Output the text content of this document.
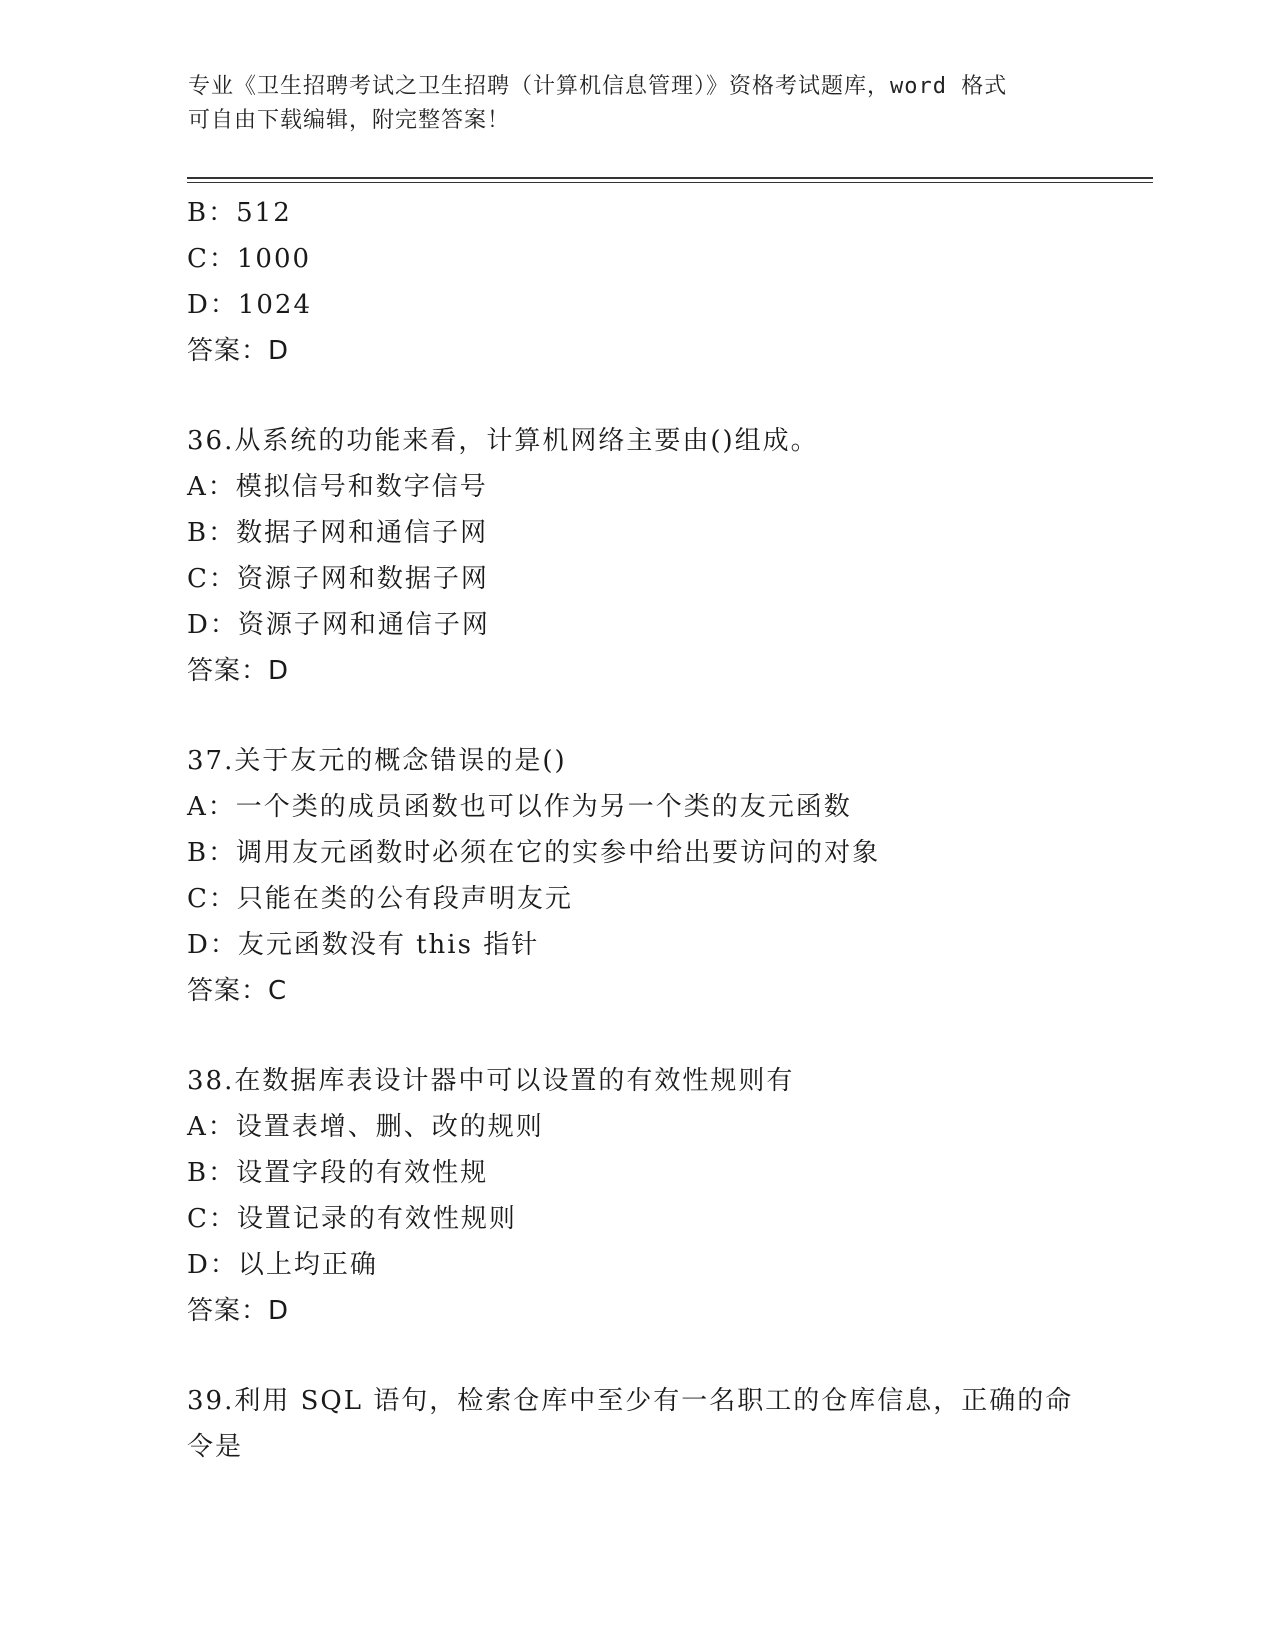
专业《卫生招聘考试之卫生招聘（计算机信息管理）》资格考试题库，word 格式
可自由下载编辑，附完整答案！
B：512
C：1000
D：1024
答案：D
36.从系统的功能来看，计算机网络主要由()组成。
A：模拟信号和数字信号
B：数据子网和通信子网
C：资源子网和数据子网
D：资源子网和通信子网
答案：D
37.关于友元的概念错误的是()
A：一个类的成员函数也可以作为另一个类的友元函数
B：调用友元函数时必须在它的实参中给出要访问的对象
C：只能在类的公有段声明友元
D：友元函数没有 this 指针
答案：C
38.在数据库表设计器中可以设置的有效性规则有
A：设置表增、删、改的规则
B：设置字段的有效性规
C：设置记录的有效性规则
D：以上均正确
答案：D
39.利用 SQL 语句，检索仓库中至少有一名职工的仓库信息，正确的命
令是
